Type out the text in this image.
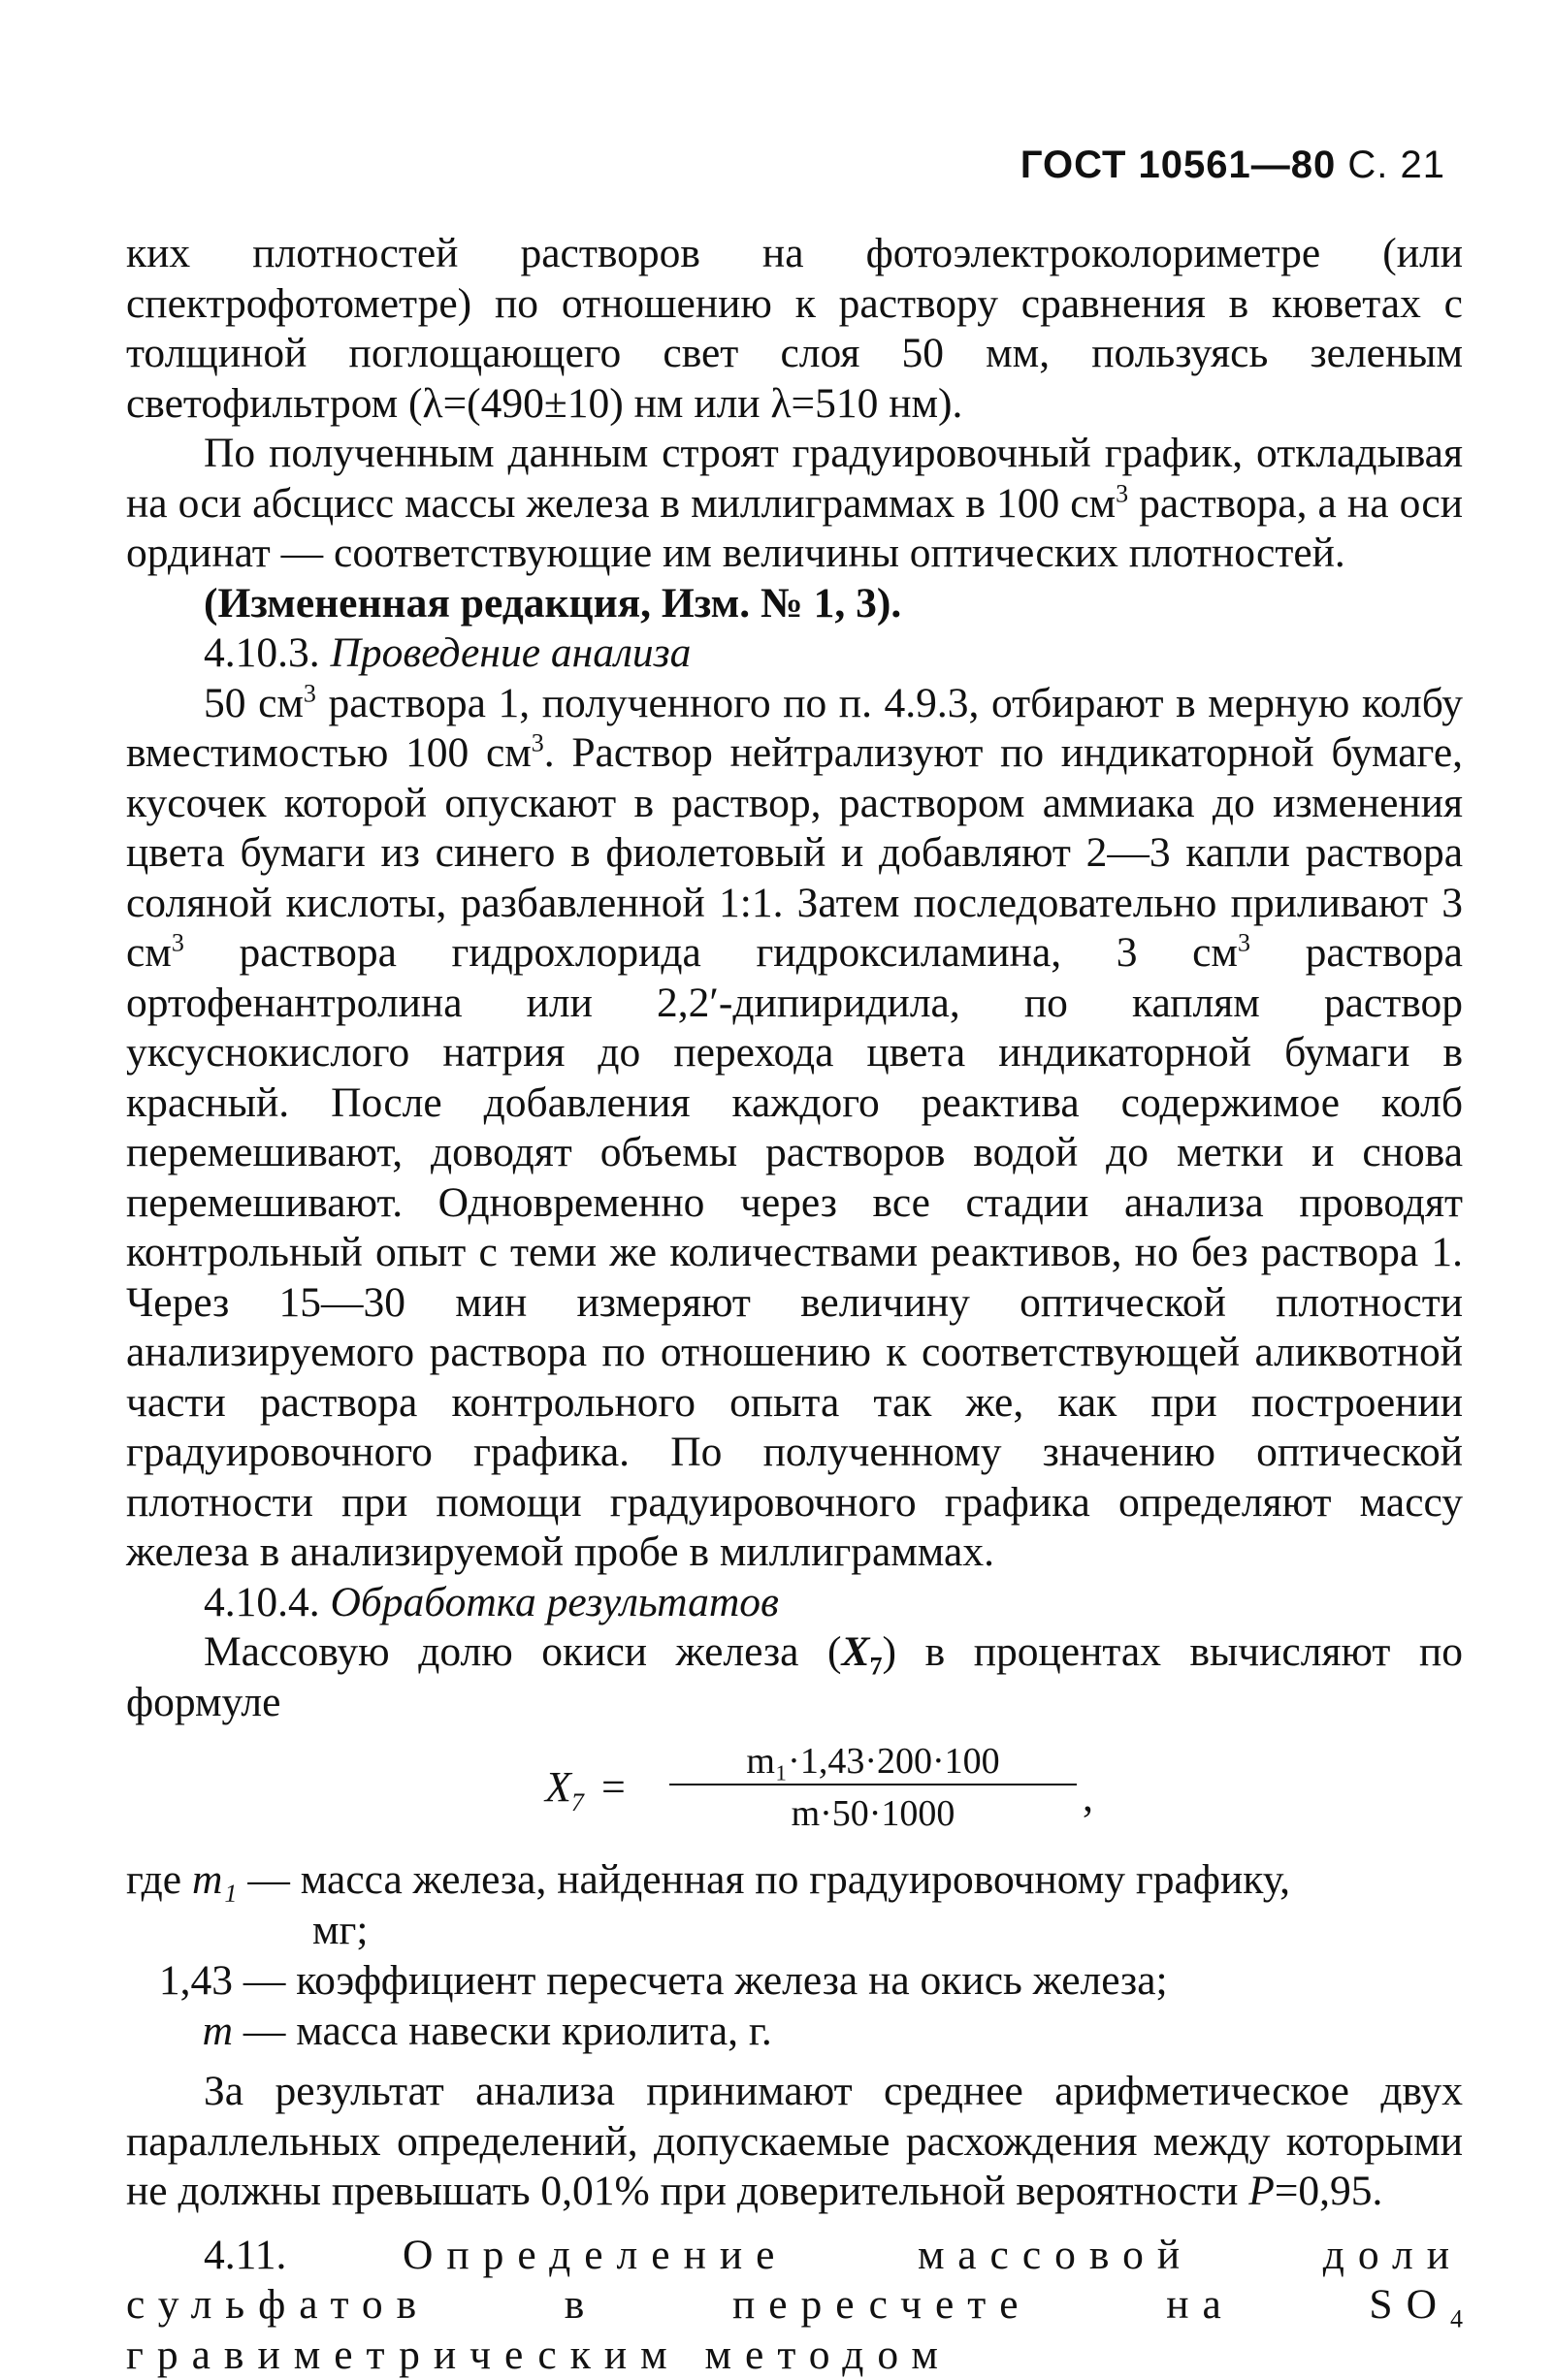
ГОСТ 10561—80 С. 21

ких плотностей растворов на фотоэлектроколориметре (или спектрофотометре) по отношению к раствору сравнения в кюветах с толщиной поглощающего свет слоя 50 мм, пользуясь зеленым светофильтром (λ=(490±10) нм или λ=510 нм).

По полученным данным строят градуировочный график, откладывая на оси абсцисс массы железа в миллиграммах в 100 $см^3$ раствора, а на оси ординат — соответствующие им величины оптических плотностей.

(Измененная редакция, Изм. № 1, 3).

4.10.3. Проведение анализа

50 $см^3$ раствора 1, полученного по п. 4.9.3, отбирают в мерную колбу вместимостью 100 $см^3$. Раствор нейтрализуют по индикаторной бумаге, кусочек которой опускают в раствор, раствором аммиака до изменения цвета бумаги из синего в фиолетовый и добавляют 2—3 капли раствора соляной кислоты, разбавленной 1:1. Затем последовательно приливают 3 $см^3$ раствора гидрохлорида гидроксиламина, 3 $см^3$ раствора ортофенантролина или 2,2′-дипиридила, по каплям раствор уксуснокислого натрия до перехода цвета индикаторной бумаги в красный. После добавления каждого реактива содержимое колб перемешивают, доводят объемы растворов водой до метки и снова перемешивают. Одновременно через все стадии анализа проводят контрольный опыт с теми же количествами реактивов, но без раствора 1. Через 15—30 мин измеряют величину оптической плотности анализируемого раствора по отношению к соответствующей аликвотной части раствора контрольного опыта так же, как при построении градуировочного графика. По полученному значению оптической плотности при помощи градуировочного графика определяют массу железа в анализируемой пробе в миллиграммах.

4.10.4. Обработка результатов

Массовую долю окиси железа $(X_7)$ в процентах вычисляют по формуле

$X_7$ =
m₁·1,43·200·100
m·50·1000	,
где m₁ — масса железа, найденная по градуировочному графику,
мг;
1,43 — коэффициент пересчета железа на окись железа;
m — масса навески криолита, г.

За результат анализа принимают среднее арифметическое двух параллельных определений, допускаемые расхождения между которыми не должны превышать 0,01% при доверительной вероятности P=0,95.

4.11. Определение массовой доли сульфатов в пересчете на $SO_4$ гравиметрическим методом
